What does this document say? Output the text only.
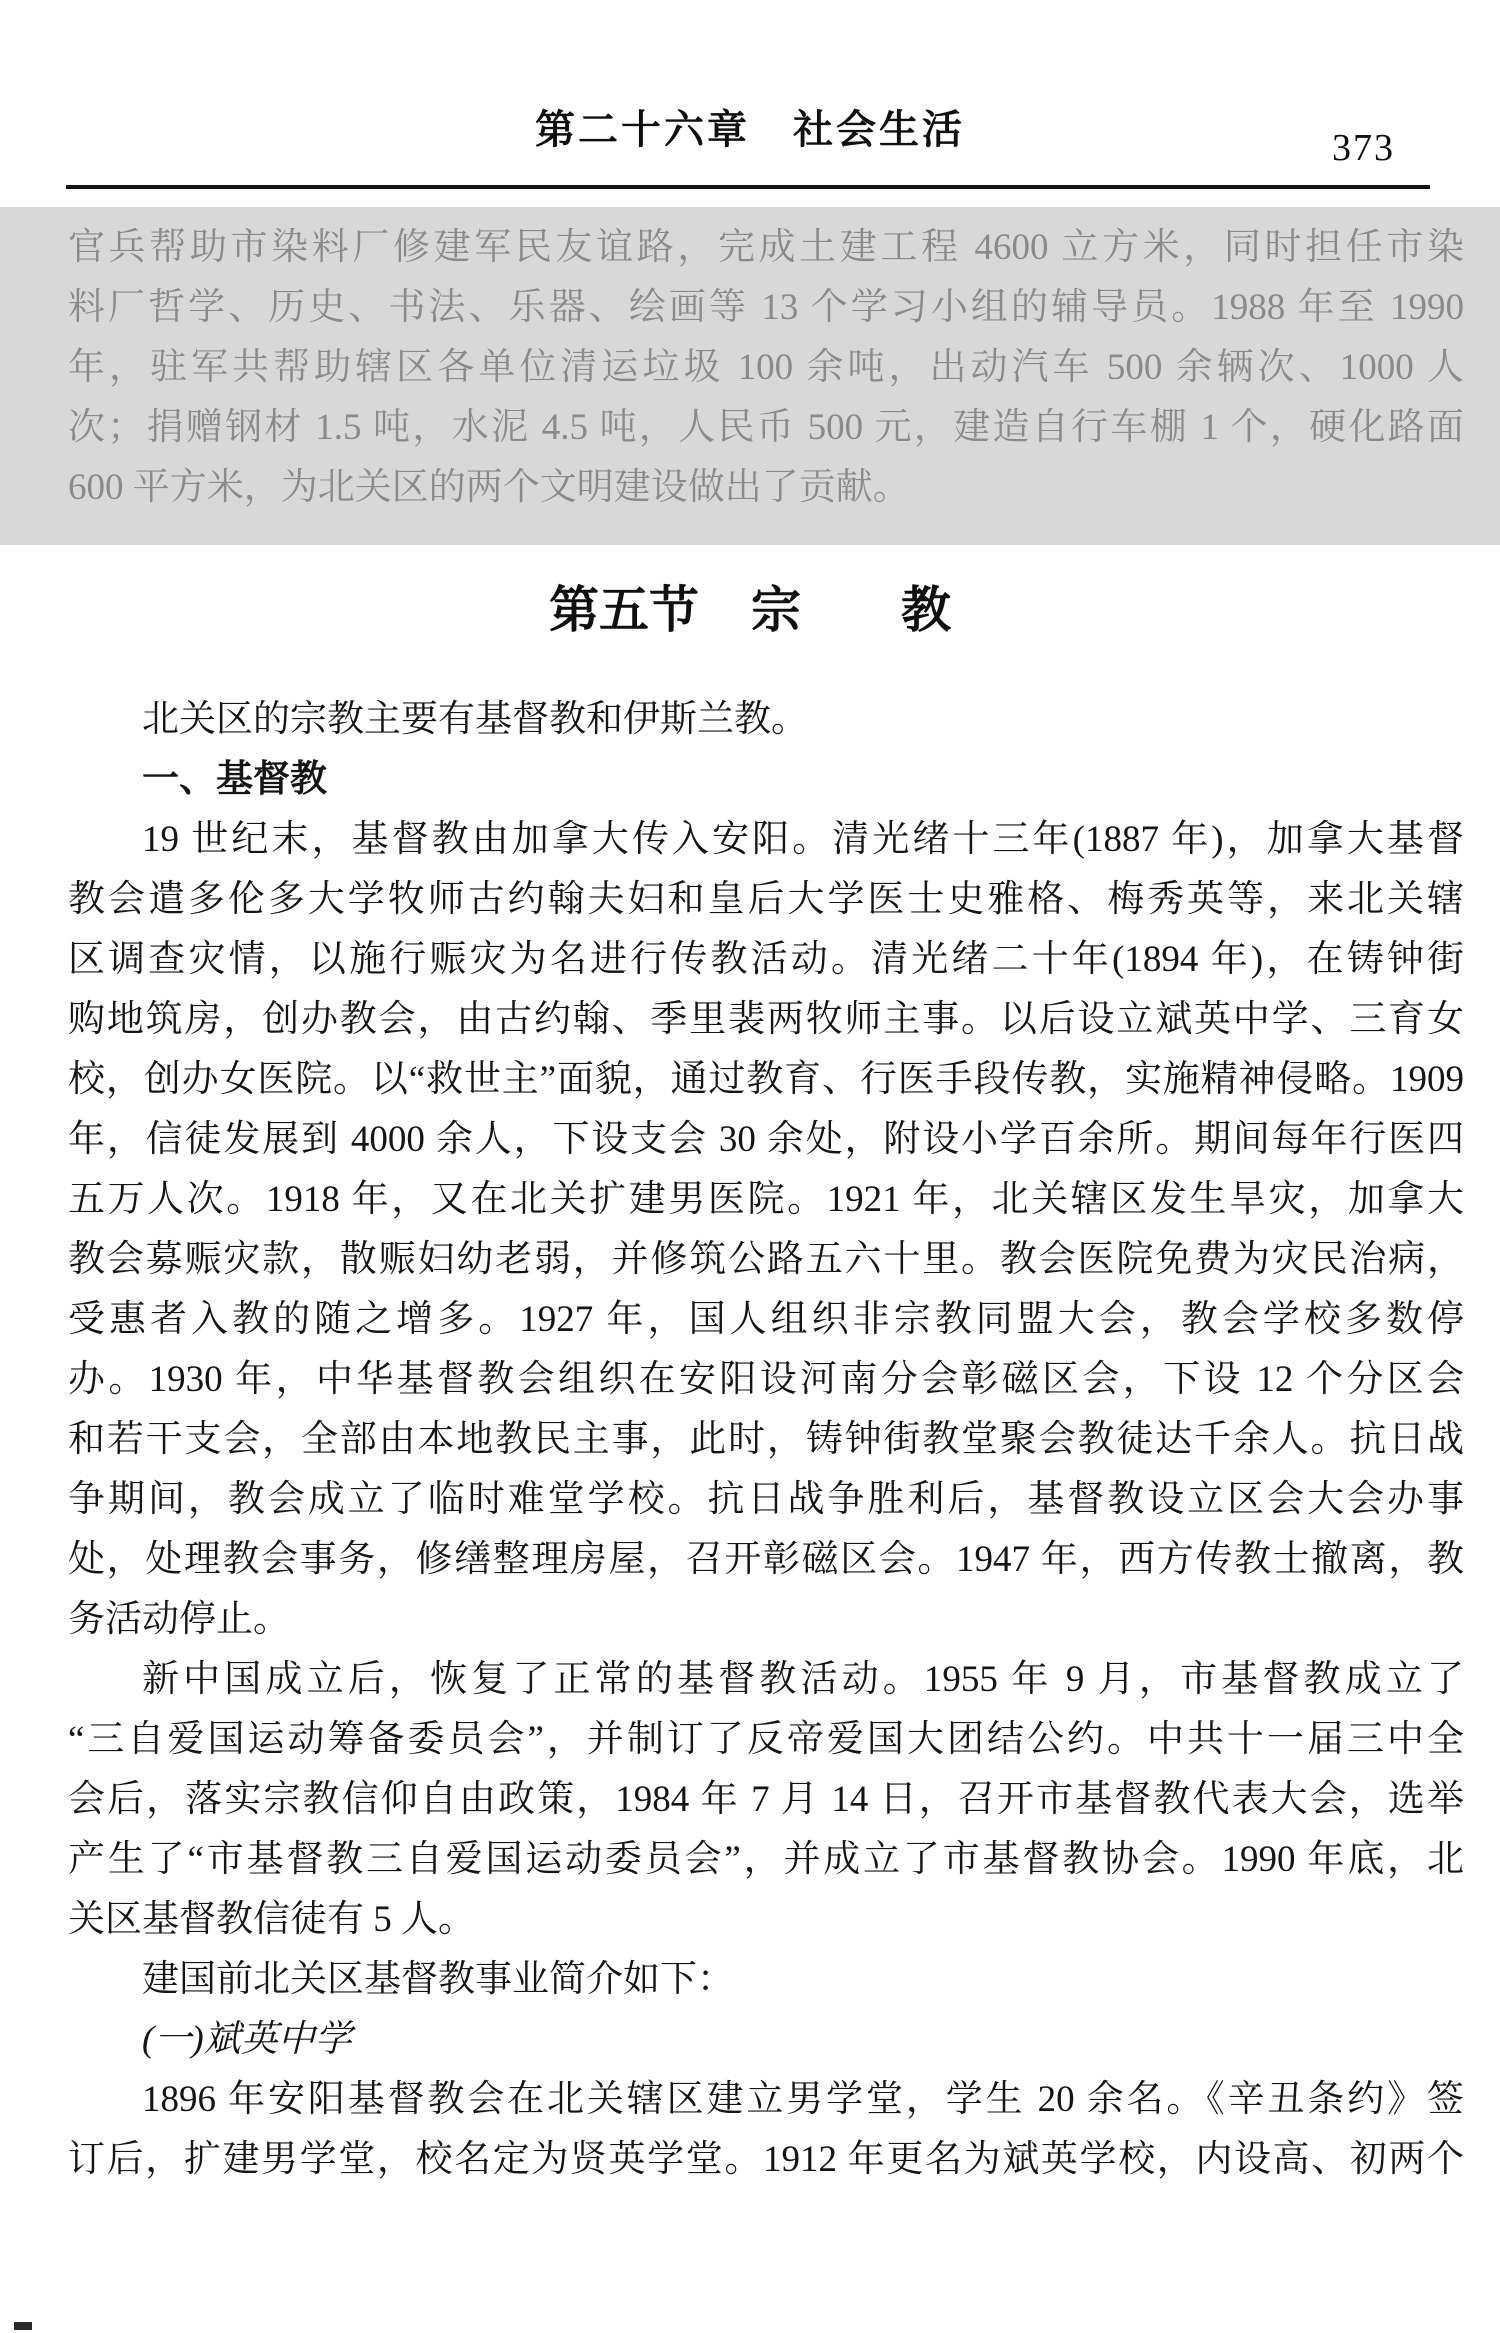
第二十六章　社会生活	373
官兵帮助市染料厂修建军民友谊路，完成土建工程 4600 立方米，同时担任市染
料厂哲学、历史、书法、乐器、绘画等 13 个学习小组的辅导员。1988 年至 1990
年，驻军共帮助辖区各单位清运垃圾 100 余吨，出动汽车 500 余辆次、1000 人
次；捐赠钢材 1.5 吨，水泥 4.5 吨，人民币 500 元，建造自行车棚 1 个，硬化路面
600 平方米，为北关区的两个文明建设做出了贡献。
第五节 宗 教
北关区的宗教主要有基督教和伊斯兰教。
一、基督教
19 世纪末，基督教由加拿大传入安阳。清光绪十三年(1887 年)，加拿大基督
教会遣多伦多大学牧师古约翰夫妇和皇后大学医士史雅格、梅秀英等，来北关辖
区调查灾情，以施行赈灾为名进行传教活动。清光绪二十年(1894 年)，在铸钟街
购地筑房，创办教会，由古约翰、季里裴两牧师主事。以后设立斌英中学、三育女
校，创办女医院。以“救世主”面貌，通过教育、行医手段传教，实施精神侵略。1909
年，信徒发展到 4000 余人，下设支会 30 余处，附设小学百余所。期间每年行医四
五万人次。1918 年，又在北关扩建男医院。1921 年，北关辖区发生旱灾，加拿大
教会募赈灾款，散赈妇幼老弱，并修筑公路五六十里。教会医院免费为灾民治病，
受惠者入教的随之增多。1927 年，国人组织非宗教同盟大会，教会学校多数停
办。1930 年，中华基督教会组织在安阳设河南分会彰磁区会，下设 12 个分区会
和若干支会，全部由本地教民主事，此时，铸钟街教堂聚会教徒达千余人。抗日战
争期间，教会成立了临时难堂学校。抗日战争胜利后，基督教设立区会大会办事
处，处理教会事务，修缮整理房屋，召开彰磁区会。1947 年，西方传教士撤离，教
务活动停止。
新中国成立后，恢复了正常的基督教活动。1955 年 9 月，市基督教成立了
“三自爱国运动筹备委员会”，并制订了反帝爱国大团结公约。中共十一届三中全
会后，落实宗教信仰自由政策，1984 年 7 月 14 日，召开市基督教代表大会，选举
产生了“市基督教三自爱国运动委员会”，并成立了市基督教协会。1990 年底，北
关区基督教信徒有 5 人。
建国前北关区基督教事业简介如下：
(一)斌英中学
1896 年安阳基督教会在北关辖区建立男学堂，学生 20 余名。《辛丑条约》签
订后，扩建男学堂，校名定为贤英学堂。1912 年更名为斌英学校，内设高、初两个
